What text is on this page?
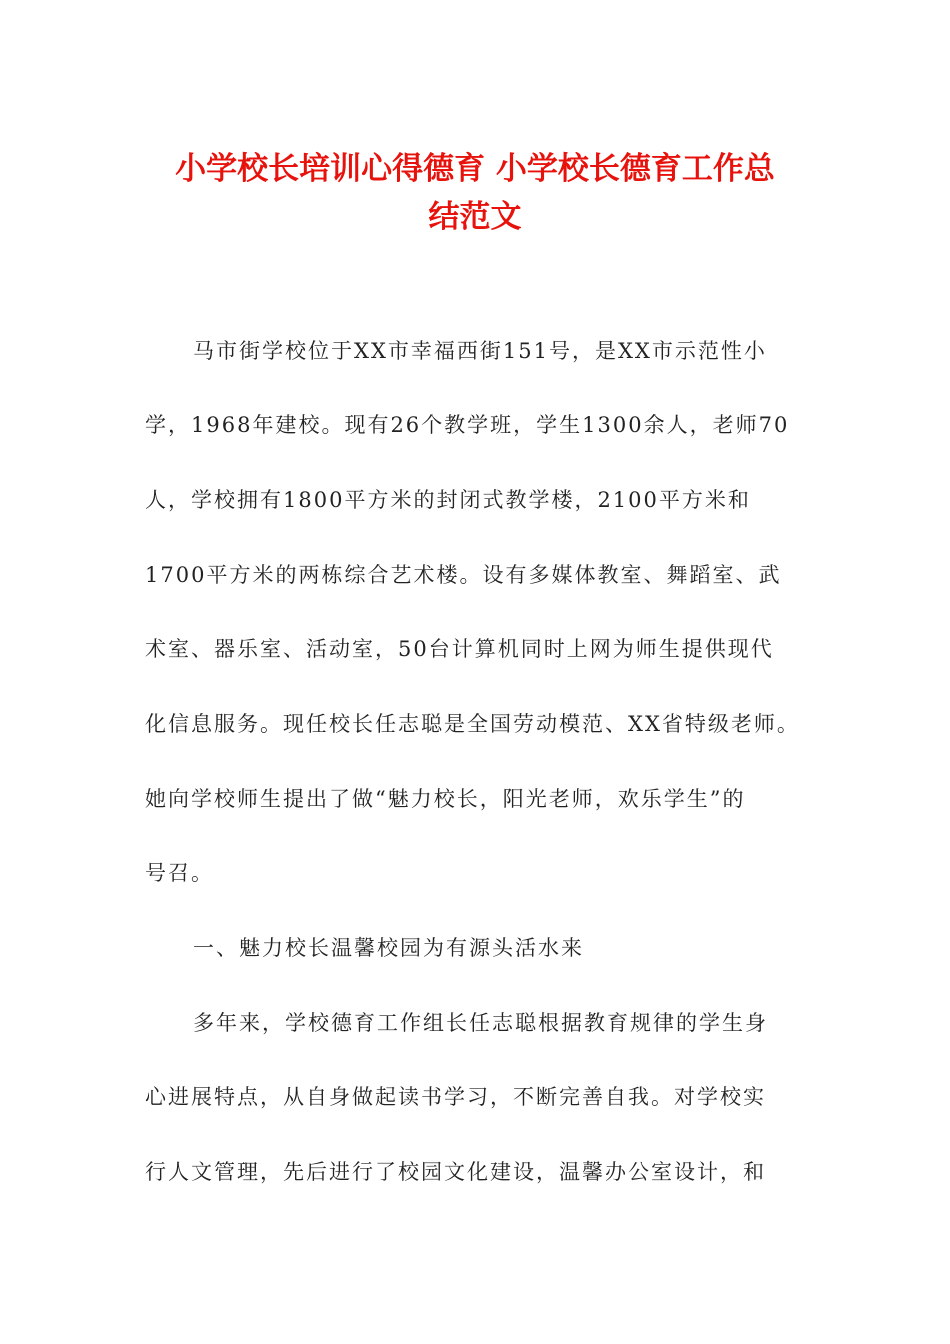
小学校长培训心得德育 小学校长德育工作总
结范文
马市街学校位于XX市幸福西街151号，是XX市示范性小
学，1968年建校。现有26个教学班，学生1300余人，老师70
人，学校拥有1800平方米的封闭式教学楼，2100平方米和
1700平方米的两栋综合艺术楼。设有多媒体教室、舞蹈室、武
术室、器乐室、活动室，50台计算机同时上网为师生提供现代
化信息服务。现任校长任志聪是全国劳动模范、XX省特级老师。
她向学校师生提出了做“魅力校长，阳光老师，欢乐学生”的
号召。
一、魅力校长温馨校园为有源头活水来
多年来，学校德育工作组长任志聪根据教育规律的学生身
心进展特点，从自身做起读书学习，不断完善自我。对学校实
行人文管理，先后进行了校园文化建设，温馨办公室设计，和
